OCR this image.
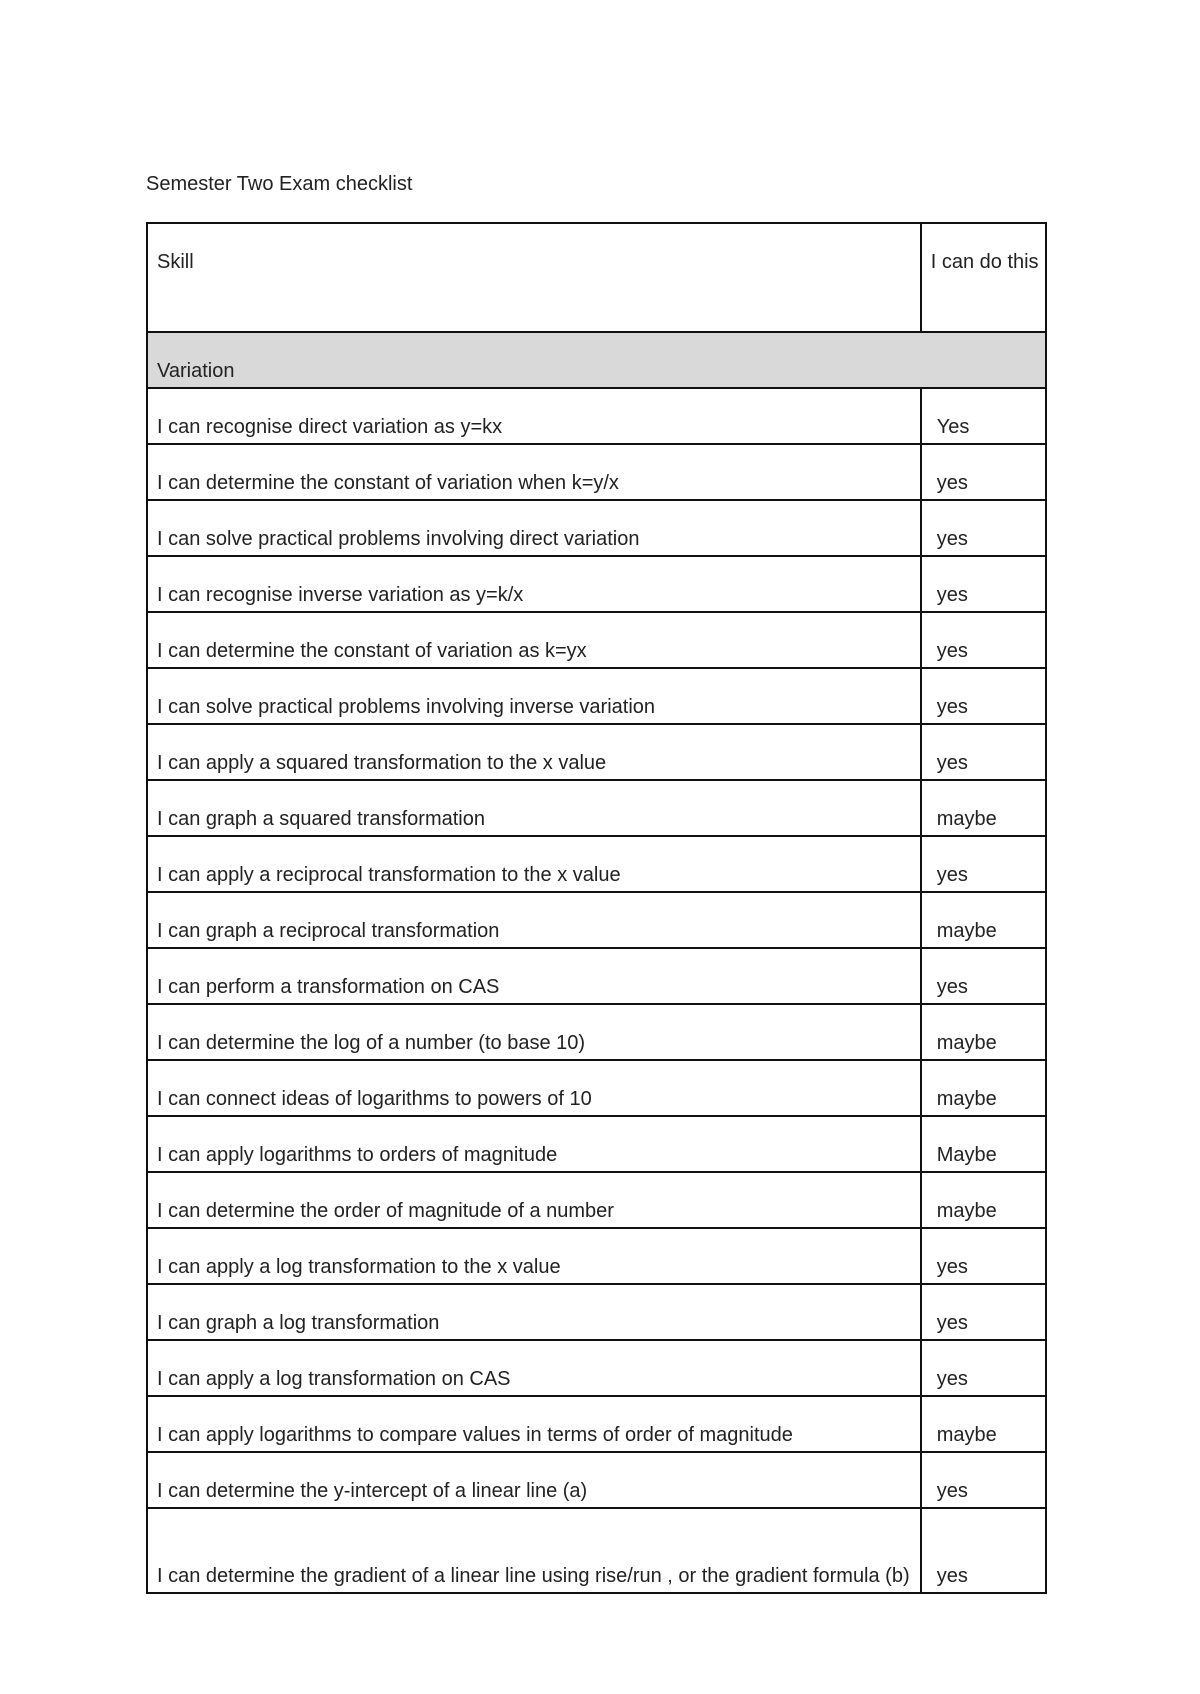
Semester Two Exam checklist
Skill	I can do this
Variation	
I can recognise direct variation as y=kx	Yes
I can determine the constant of variation when k=y/x	yes
I can solve practical problems involving direct variation	yes
I can recognise inverse variation as y=k/x	yes
I can determine the constant of variation as k=yx	yes
I can solve practical problems involving inverse variation	yes
I can apply a squared transformation to the x value	yes
I can graph a squared transformation	maybe
I can apply a reciprocal transformation to the x value	yes
I can graph a reciprocal transformation	maybe
I can perform a transformation on CAS	yes
I can determine the log of a number (to base 10)	maybe
I can connect ideas of logarithms to powers of 10	maybe
I can apply logarithms to orders of magnitude	Maybe
I can determine the order of magnitude of a number	maybe
I can apply a log transformation to the x value	yes
I can graph a log transformation	yes
I can apply a log transformation on CAS	yes
I can apply logarithms to compare values in terms of order of magnitude	maybe
I can determine the y-intercept of a linear line (a)	yes
I can determine the gradient of a linear line using rise/run , or the gradient formula (b)	yes
